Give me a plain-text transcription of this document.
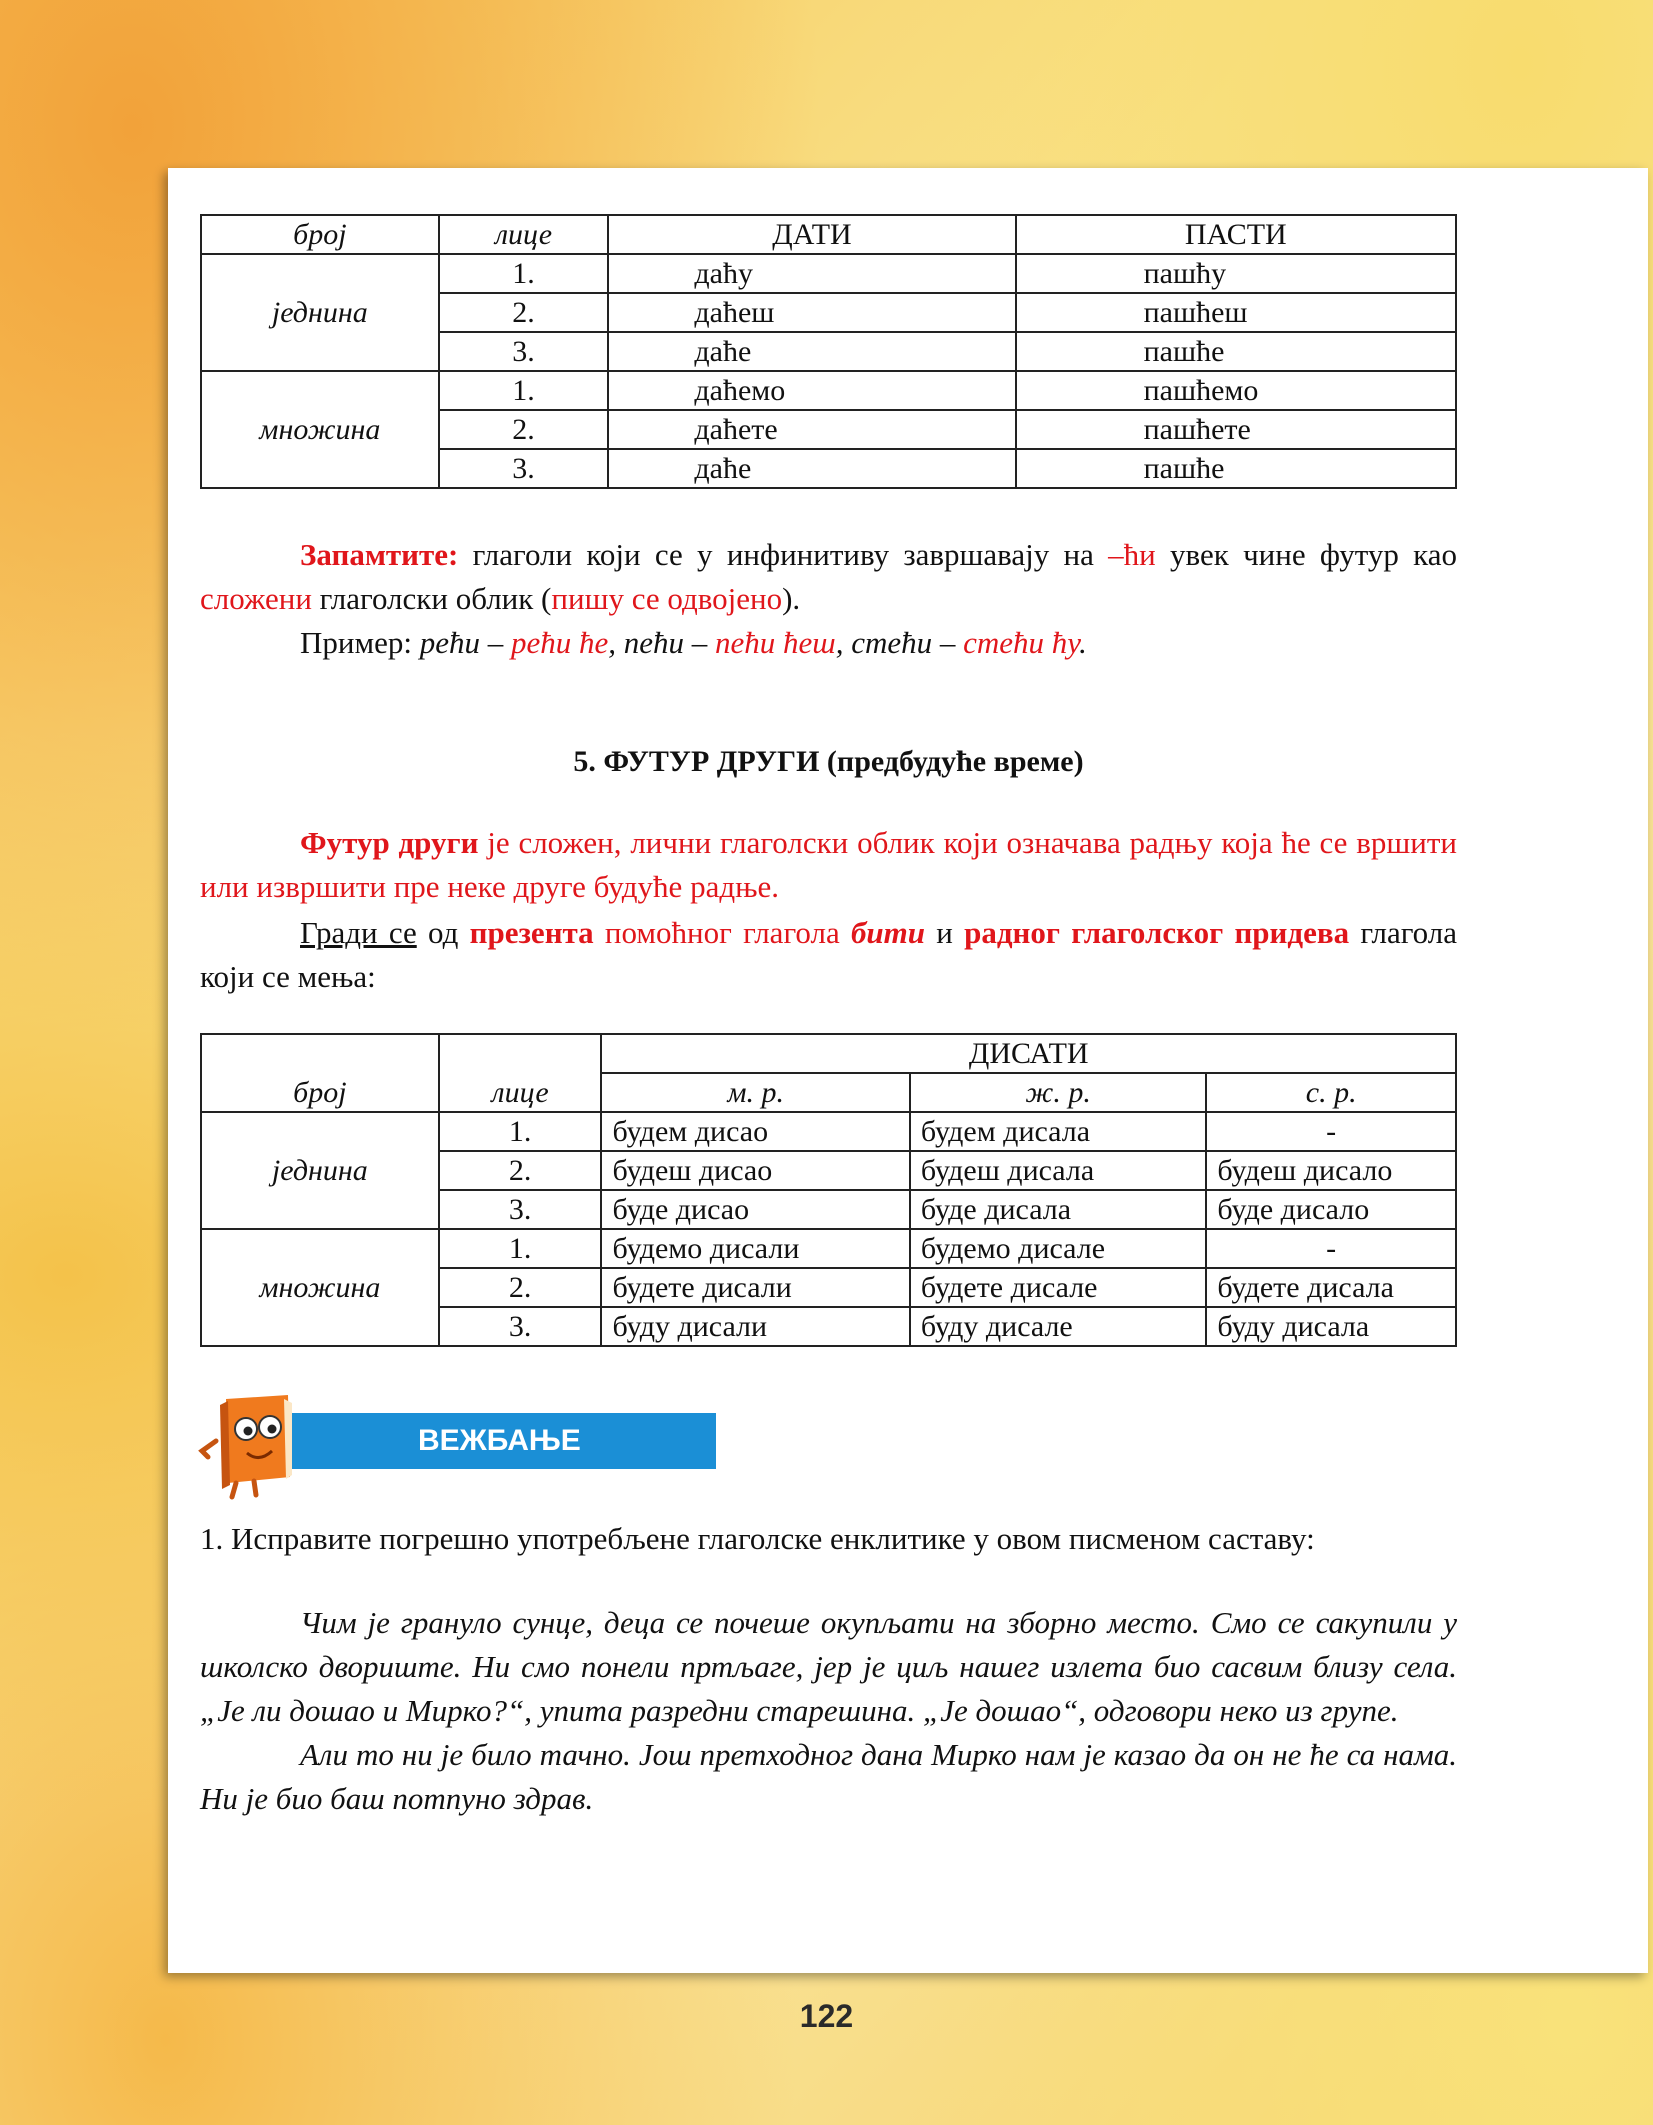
број	лице	ДАТИ	ПАСТИ
једнина	1.	даћу	пашћу
	2.	даћеш	пашћеш
	3.	даће	пашће
множина	1.	даћемо	пашћемо
	2.	даћете	пашћете
	3.	даће	пашће

Запамтите: глаголи који се у инфинитиву завршавају на –ћи увек чине футур као сложени глаголски облик (пишу се одвојено).

Пример: рећи – рећи ће, пећи – пећи ћеш, стећи – стећи ћу.

5. ФУТУР ДРУГИ (предбудуће време)

Футур други је сложен, лични глаголски облик који означава радњу која ће се вршити или извршити пре неке друге будуће радње.

Гради се од презента помоћног глагола бити и радног глаголског придева глагола који се мења:

број	лице	ДИСАТИ		
		м. р.	ж. р.	с. р.
једнина	1.	будем дисао	будем дисала	-
	2.	будеш дисао	будеш дисала	будеш дисало
	3.	буде дисао	буде дисала	буде дисало
множина	1.	будемо дисали	будемо дисале	-
	2.	будете дисали	будете дисале	будете дисала
	3.	буду дисали	буду дисале	буду дисала
ВЕЖБАЊЕ

1. Исправите погрешно употребљене глаголске енклитике у овом писменом саставу:

Чим је грануло сунце, деца се почеше окупљати на зборно место. Смо се сакупили у школско двориште. Ни смо понели пртљаге, јер је циљ нашег излета био сасвим близу села. „Је ли дошао и Мирко?“, упита разредни старешина. „Је дошао“, одговори неко из групе.

Али то ни је било тачно. Још претходног дана Мирко нам је казао да он не ће са нама. Ни је био баш потпуно здрав.

122
